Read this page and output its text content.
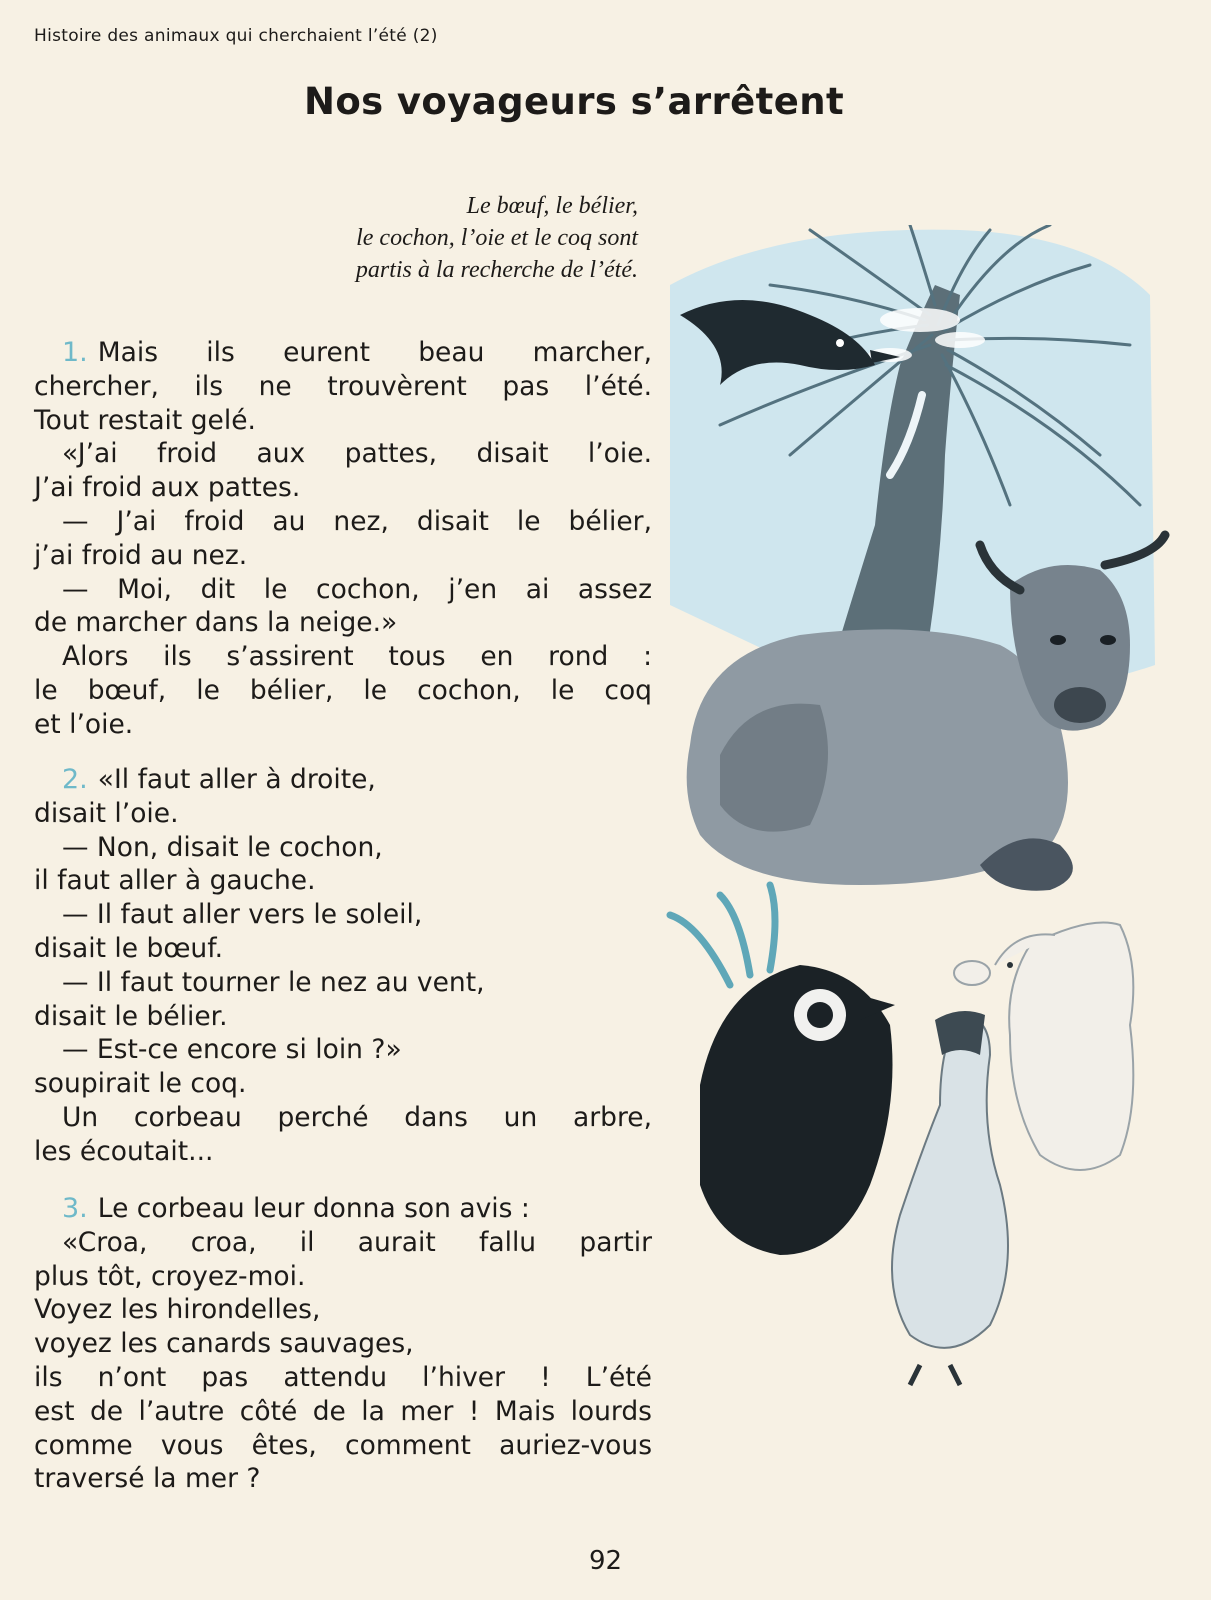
Histoire des animaux qui cherchaient l’été (2)
Nos voyageurs s’arrêtent

Le bœuf, le bélier,

le cochon, l’oie et le coq sont

partis à la recherche de l’été.

1. Mais ils eurent beau marcher,

chercher, ils ne trouvèrent pas l’été.

Tout restait gelé.

«J’ai froid aux pattes, disait l’oie.

J’ai froid aux pattes.

— J’ai froid au nez, disait le bélier,

j’ai froid au nez.

— Moi, dit le cochon, j’en ai assez

de marcher dans la neige.»

Alors ils s’assirent tous en rond :

le bœuf, le bélier, le cochon, le coq

et l’oie.

2. «Il faut aller à droite,

disait l’oie.

— Non, disait le cochon,

il faut aller à gauche.

— Il faut aller vers le soleil,

disait le bœuf.

— Il faut tourner le nez au vent,

disait le bélier.

— Est-ce encore si loin ?»

soupirait le coq.

Un corbeau perché dans un arbre,

les écoutait...

3. Le corbeau leur donna son avis :

«Croa, croa, il aurait fallu partir

plus tôt, croyez-moi.

Voyez les hirondelles,

voyez les canards sauvages,

ils n’ont pas attendu l’hiver ! L’été

est de l’autre côté de la mer ! Mais lourds

comme vous êtes, comment auriez-vous

traversé la mer ?

92
